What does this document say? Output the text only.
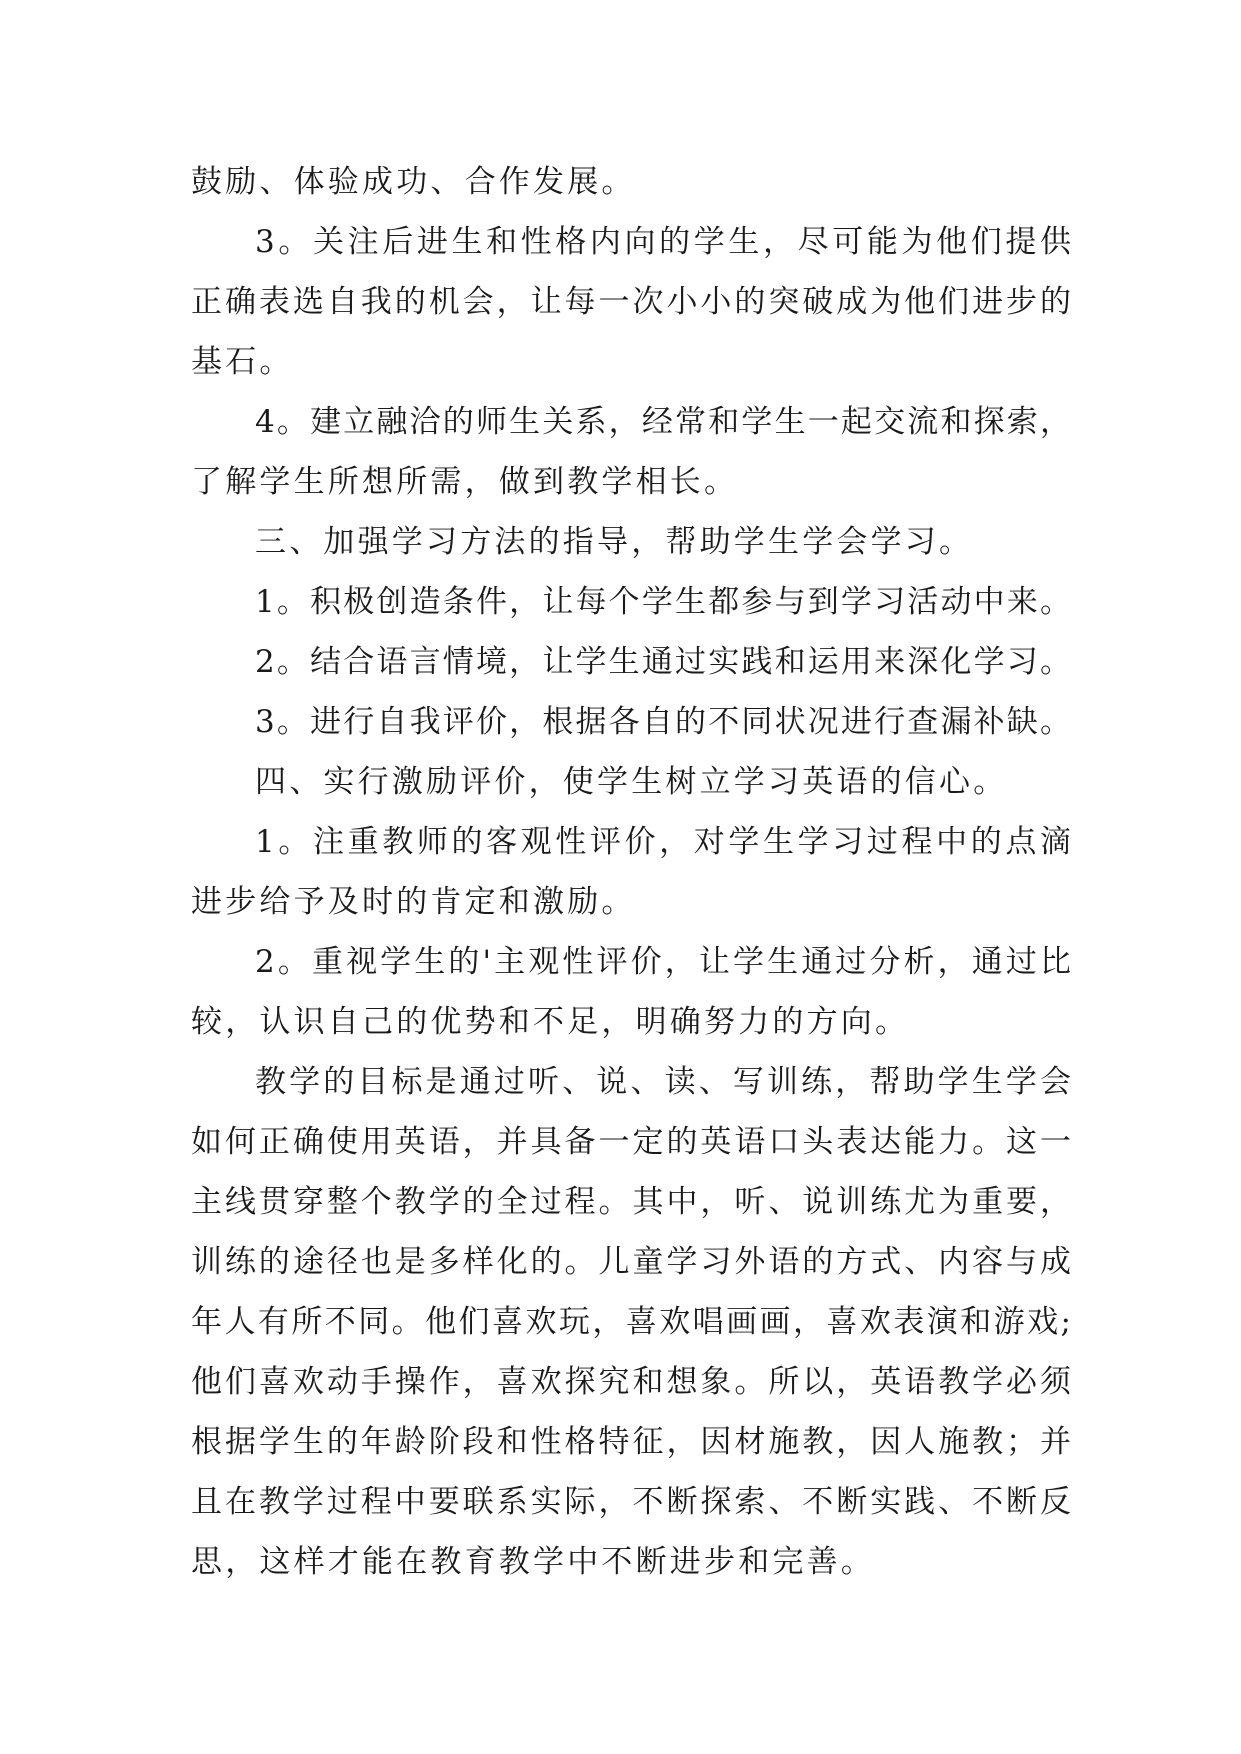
鼓励、体验成功、合作发展。
3。关注后进生和性格内向的学生，尽可能为他们提供
正确表选自我的机会，让每一次小小的突破成为他们进步的
基石。
4。建立融洽的师生关系，经常和学生一起交流和探索，
了解学生所想所需，做到教学相长。
三、加强学习方法的指导，帮助学生学会学习。
1。积极创造条件，让每个学生都参与到学习活动中来。
2。结合语言情境，让学生通过实践和运用来深化学习。
3。进行自我评价，根据各自的不同状况进行查漏补缺。
四、实行激励评价，使学生树立学习英语的信心。
1。注重教师的客观性评价，对学生学习过程中的点滴
进步给予及时的肯定和激励。
2。重视学生的'主观性评价，让学生通过分析，通过比
较，认识自己的优势和不足，明确努力的方向。
教学的目标是通过听、说、读、写训练，帮助学生学会
如何正确使用英语，并具备一定的英语口头表达能力。这一
主线贯穿整个教学的全过程。其中，听、说训练尤为重要，
训练的途径也是多样化的。儿童学习外语的方式、内容与成
年人有所不同。他们喜欢玩，喜欢唱画画，喜欢表演和游戏;
他们喜欢动手操作，喜欢探究和想象。所以，英语教学必须
根据学生的年龄阶段和性格特征，因材施教，因人施教；并
且在教学过程中要联系实际，不断探索、不断实践、不断反
思，这样才能在教育教学中不断进步和完善。
